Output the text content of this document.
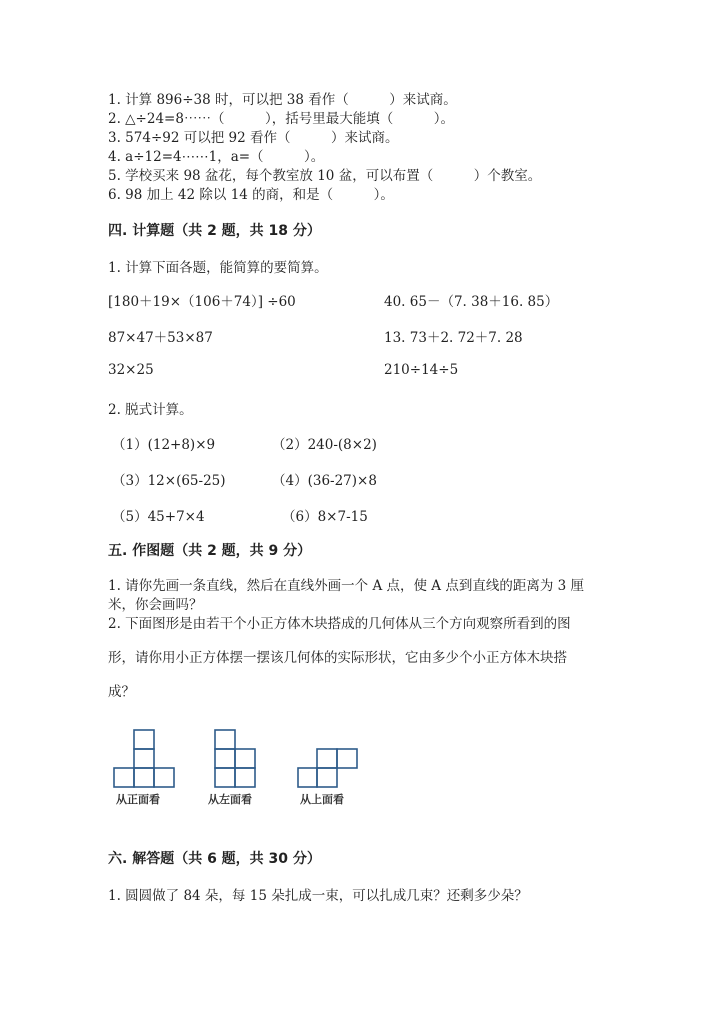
1. 计算 896÷38 时，可以把 38 看作（　　　）来试商。
2. △÷24=8⋯⋯（　　　），括号里最大能填（　　　）。
3. 574÷92 可以把 92 看作（　　　）来试商。
4. a÷12=4⋯⋯1，a=（　　　）。
5. 学校买来 98 盆花，每个教室放 10 盆，可以布置（　　　）个教室。
6. 98 加上 42 除以 14 的商，和是（　　　）。
四. 计算题（共 2 题，共 18 分）
1. 计算下面各题，能简算的要简算。
[180＋19×（106＋74）] ÷60	40. 65－（7. 38＋16. 85）
87×47＋53×87	13. 73＋2. 72＋7. 28
32×25	210÷14÷5
2. 脱式计算。
（1）(12+8)×9	（2）240-(8×2)
（3）12×(65-25)	（4）(36-27)×8
（5）45+7×4	（6）8×7-15
五. 作图题（共 2 题，共 9 分）
1. 请你先画一条直线，然后在直线外画一个 A 点，使 A 点到直线的距离为 3 厘
米，你会画吗？
2. 下面图形是由若干个小正方体木块搭成的几何体从三个方向观察所看到的图
形，请你用小正方体摆一摆该几何体的实际形状，它由多少个小正方体木块搭
成？
从正面看	从左面看	从上面看
六. 解答题（共 6 题，共 30 分）
1. 圆圆做了 84 朵，每 15 朵扎成一束，可以扎成几束？还剩多少朵？
